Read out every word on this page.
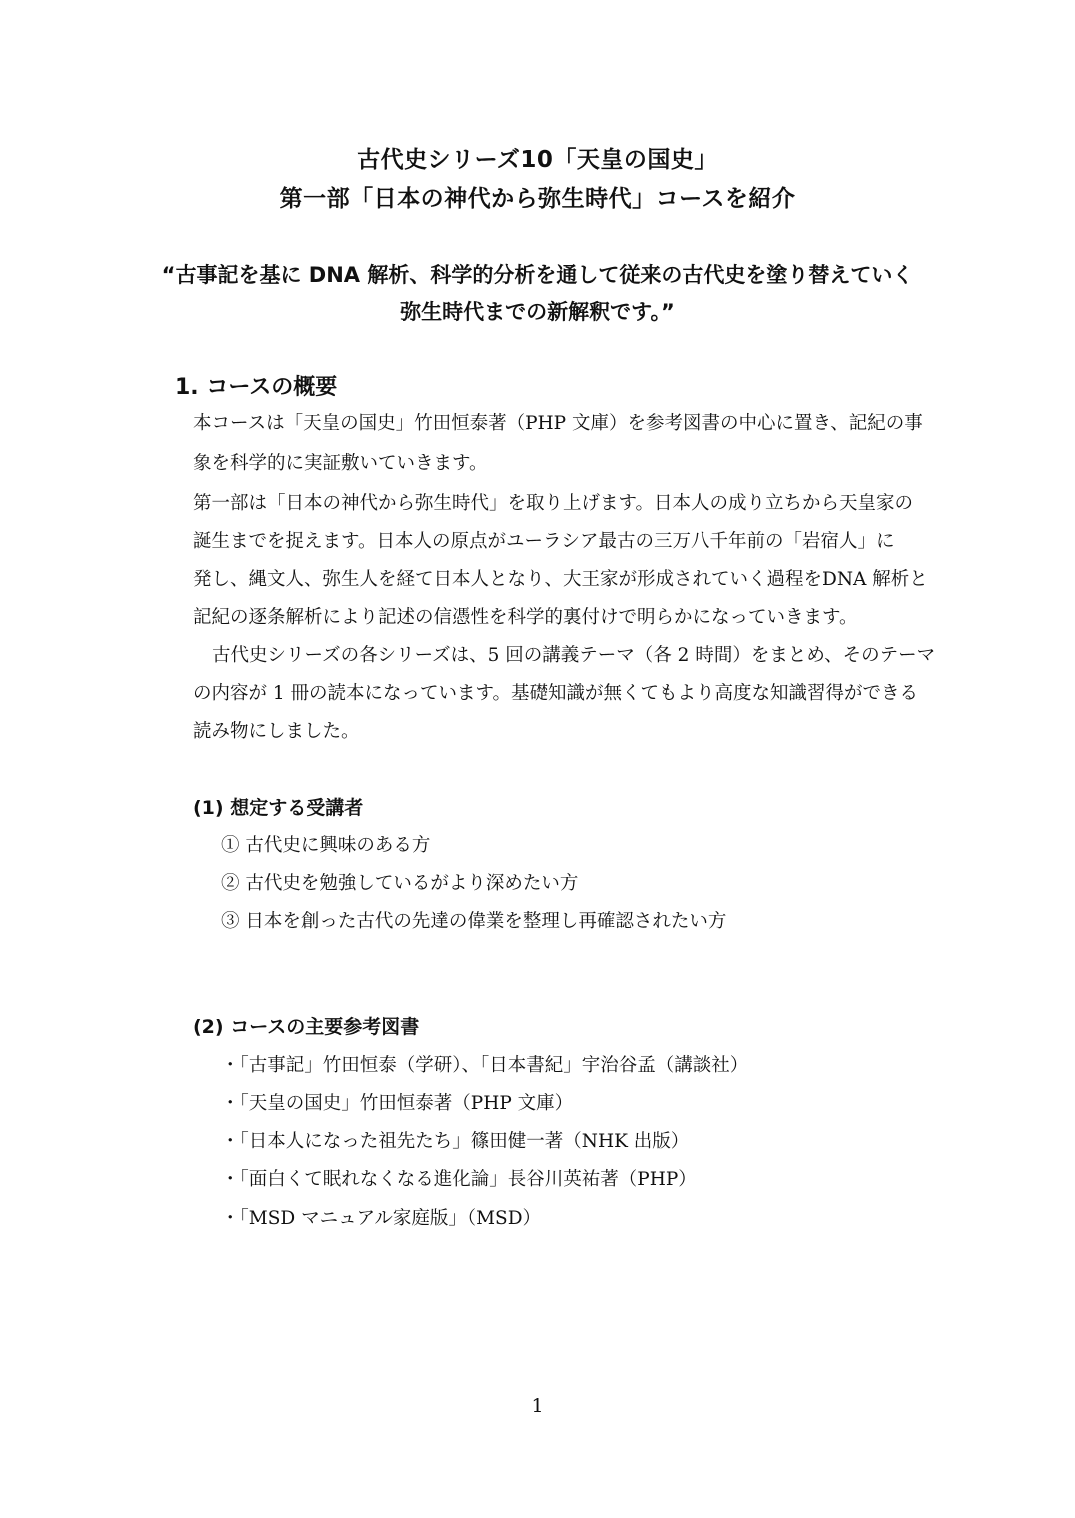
古代史シリーズ10「天皇の国史」
第一部「日本の神代から弥生時代」コースを紹介
“古事記を基に DNA 解析、科学的分析を通して従来の古代史を塗り替えていく
弥生時代までの新解釈です。”
1. コースの概要
本コースは「天皇の国史」竹田恒泰著（PHP 文庫）を参考図書の中心に置き、記紀の事
象を科学的に実証敷いていきます。
第一部は「日本の神代から弥生時代」を取り上げます。日本人の成り立ちから天皇家の
誕生までを捉えます。日本人の原点がユーラシア最古の三万八千年前の「岩宿人」に
発し、縄文人、弥生人を経て日本人となり、大王家が形成されていく過程をDNA 解析と
記紀の逐条解析により記述の信憑性を科学的裏付けで明らかになっていきます。
古代史シリーズの各シリーズは、5 回の講義テーマ（各 2 時間）をまとめ、そのテーマ
の内容が 1 冊の読本になっています。基礎知識が無くてもより高度な知識習得ができる
読み物にしました。
(1) 想定する受講者
① 古代史に興味のある方
② 古代史を勉強しているがより深めたい方
③ 日本を創った古代の先達の偉業を整理し再確認されたい方
(2) コースの主要参考図書
・「古事記」竹田恒泰（学研）、「日本書紀」宇治谷孟（講談社）
・「天皇の国史」竹田恒泰著（PHP 文庫）
・「日本人になった祖先たち」篠田健一著（NHK 出版）
・「面白くて眠れなくなる進化論」長谷川英祐著（PHP）
・「MSD マニュアル家庭版」（MSD）
1
